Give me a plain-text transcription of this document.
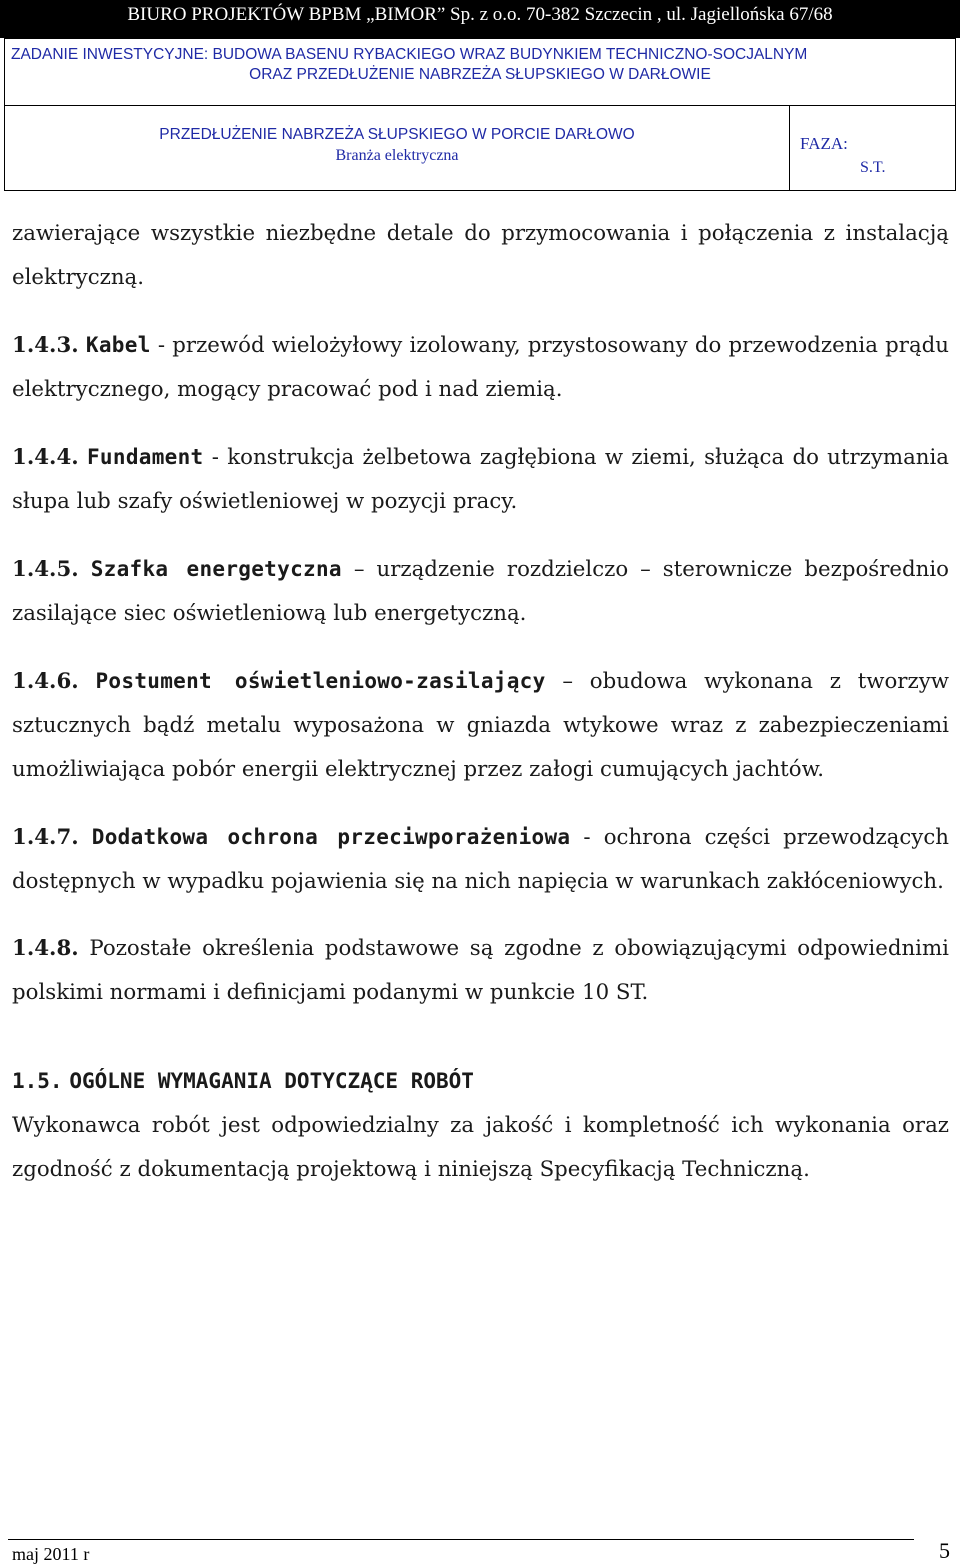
BIURO PROJEKTÓW BPBM „BIMOR” Sp. z o.o. 70-382 Szczecin , ul. Jagiellońska 67/68
ZADANIE INWESTYCYJNE: BUDOWA BASENU RYBACKIEGO WRAZ BUDYNKIEM TECHNICZNO-SOCJALNYM
ORAZ PRZEDŁUŻENIE NABRZEŻA SŁUPSKIEGO W DARŁOWIE
PRZEDŁUŻENIE NABRZEŻA SŁUPSKIEGO W PORCIE DARŁOWO
Branża elektryczna
FAZA:
S.T.

zawierające wszystkie niezbędne detale do przymocowania i połączenia z instalacją elektryczną.

1.4.3. Kabel - przewód wielożyłowy izolowany, przystosowany do przewodzenia prądu elektrycznego, mogący pracować pod i nad ziemią.

1.4.4. Fundament - konstrukcja żelbetowa zagłębiona w ziemi, służąca do utrzymania słupa lub szafy oświetleniowej w pozycji pracy.

1.4.5. Szafka energetyczna – urządzenie rozdzielczo – sterownicze bezpośrednio zasilające siec oświetleniową lub energetyczną.

1.4.6. Postument oświetleniowo-zasilający – obudowa wykonana z tworzyw sztucznych bądź metalu wyposażona w gniazda wtykowe wraz z zabezpieczeniami umożliwiająca pobór energii elektrycznej przez załogi cumujących jachtów.

1.4.7. Dodatkowa ochrona przeciwporażeniowa - ochrona części przewodzących dostępnych w wypadku pojawienia się na nich napięcia w warunkach zakłóceniowych.

1.4.8. Pozostałe określenia podstawowe są zgodne z obowiązującymi odpowiednimi polskimi normami i definicjami podanymi w punkcie 10 ST.

1.5. OGÓLNE WYMAGANIA DOTYCZĄCE ROBÓT

Wykonawca robót jest odpowiedzialny za jakość i kompletność ich wykonania oraz zgodność z dokumentacją projektową i niniejszą Specyfikacją Techniczną.

maj 2011 r	5
